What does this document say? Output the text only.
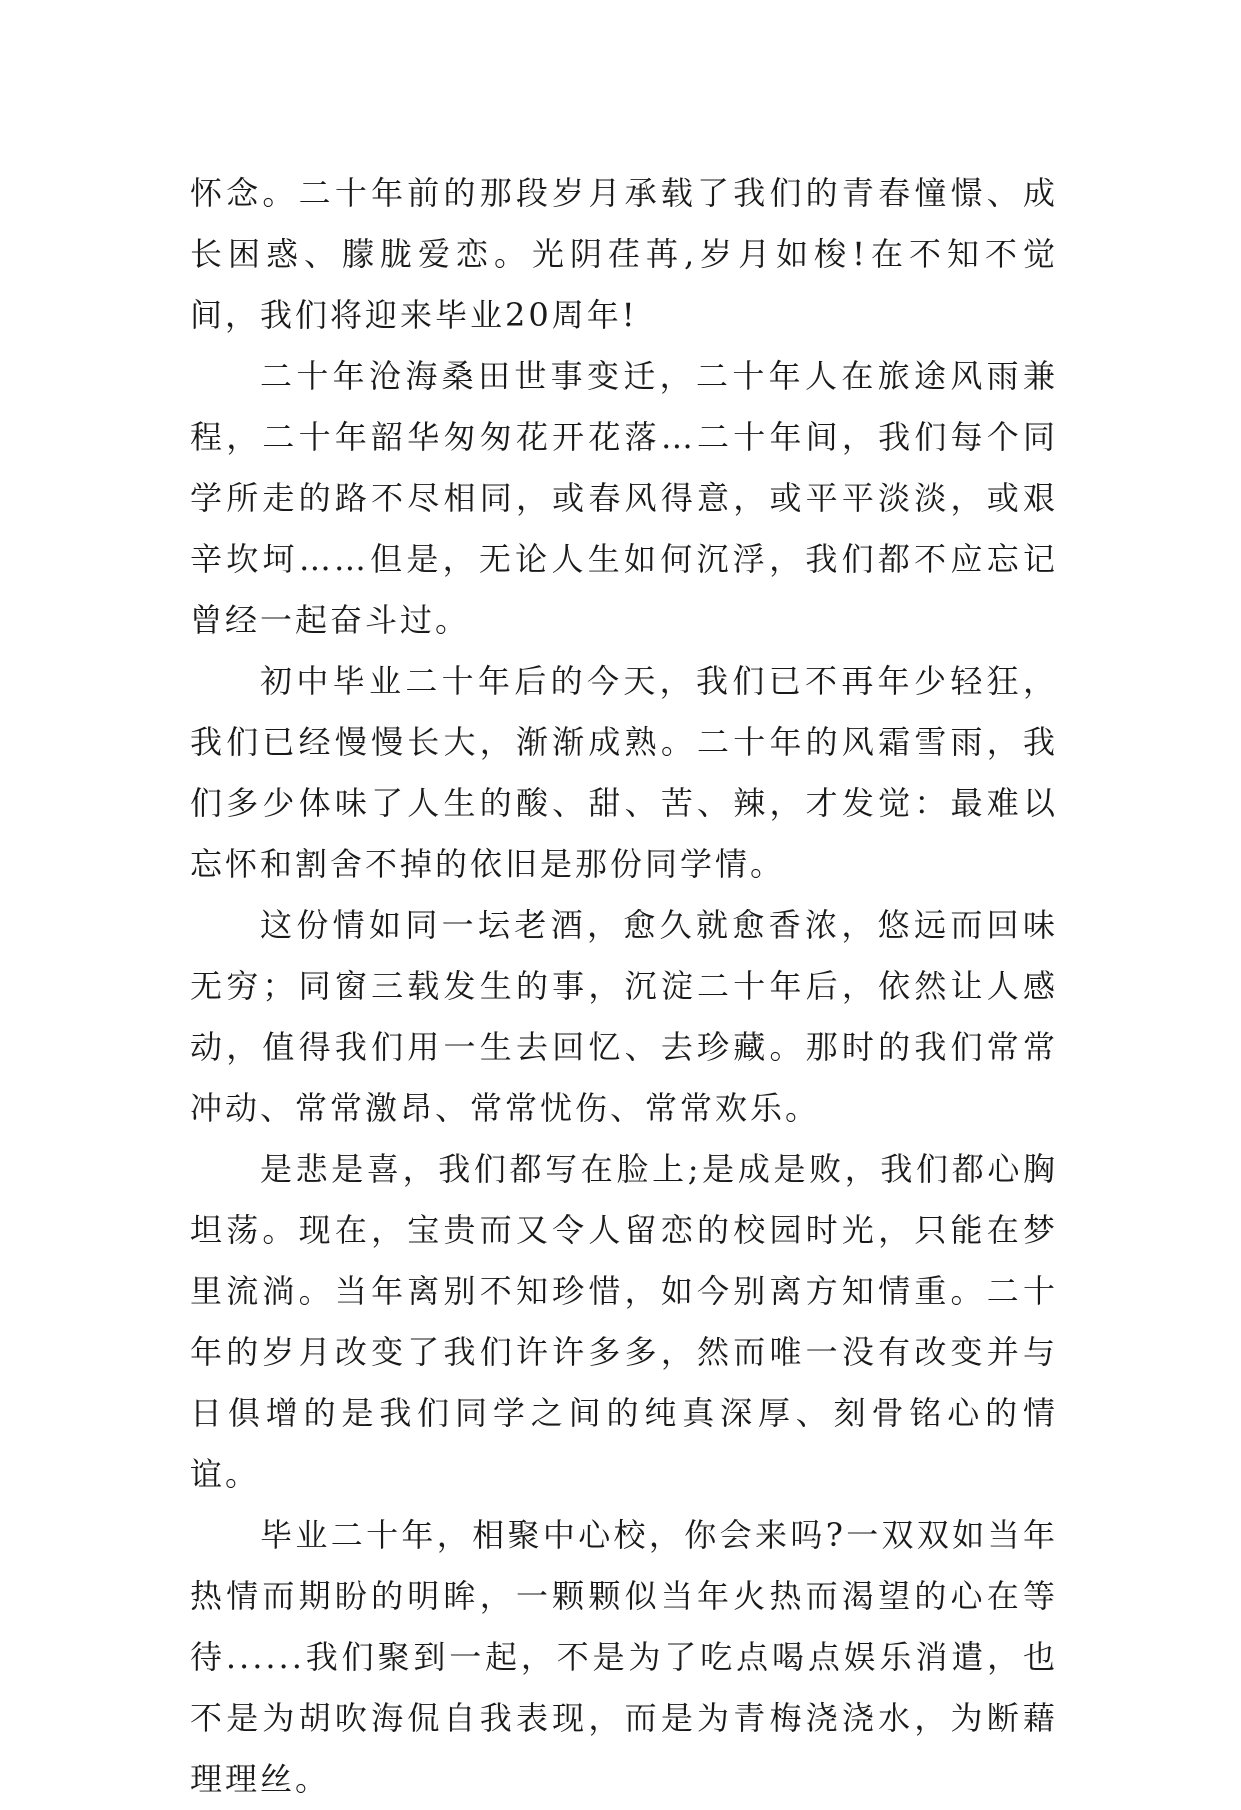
怀念。二十年前的那段岁月承载了我们的青春憧憬、成长困惑、朦胧爱恋。光阴荏苒,岁月如梭!在不知不觉间，我们将迎来毕业20周年!

二十年沧海桑田世事变迁，二十年人在旅途风雨兼程，二十年韶华匆匆花开花落…二十年间，我们每个同学所走的路不尽相同，或春风得意，或平平淡淡，或艰辛坎坷……但是，无论人生如何沉浮，我们都不应忘记曾经一起奋斗过。

初中毕业二十年后的今天，我们已不再年少轻狂，我们已经慢慢长大，渐渐成熟。二十年的风霜雪雨，我们多少体味了人生的酸、甜、苦、辣，才发觉：最难以忘怀和割舍不掉的依旧是那份同学情。

这份情如同一坛老酒，愈久就愈香浓，悠远而回味无穷；同窗三载发生的事，沉淀二十年后，依然让人感动，值得我们用一生去回忆、去珍藏。那时的我们常常冲动、常常激昂、常常忧伤、常常欢乐。

是悲是喜，我们都写在脸上;是成是败，我们都心胸坦荡。现在，宝贵而又令人留恋的校园时光，只能在梦里流淌。当年离别不知珍惜，如今别离方知情重。二十年的岁月改变了我们许许多多，然而唯一没有改变并与日俱增的是我们同学之间的纯真深厚、刻骨铭心的情谊。

毕业二十年，相聚中心校，你会来吗?一双双如当年热情而期盼的明眸，一颗颗似当年火热而渴望的心在等待......我们聚到一起，不是为了吃点喝点娱乐消遣，也不是为胡吹海侃自我表现，而是为青梅浇浇水，为断藉理理丝。
